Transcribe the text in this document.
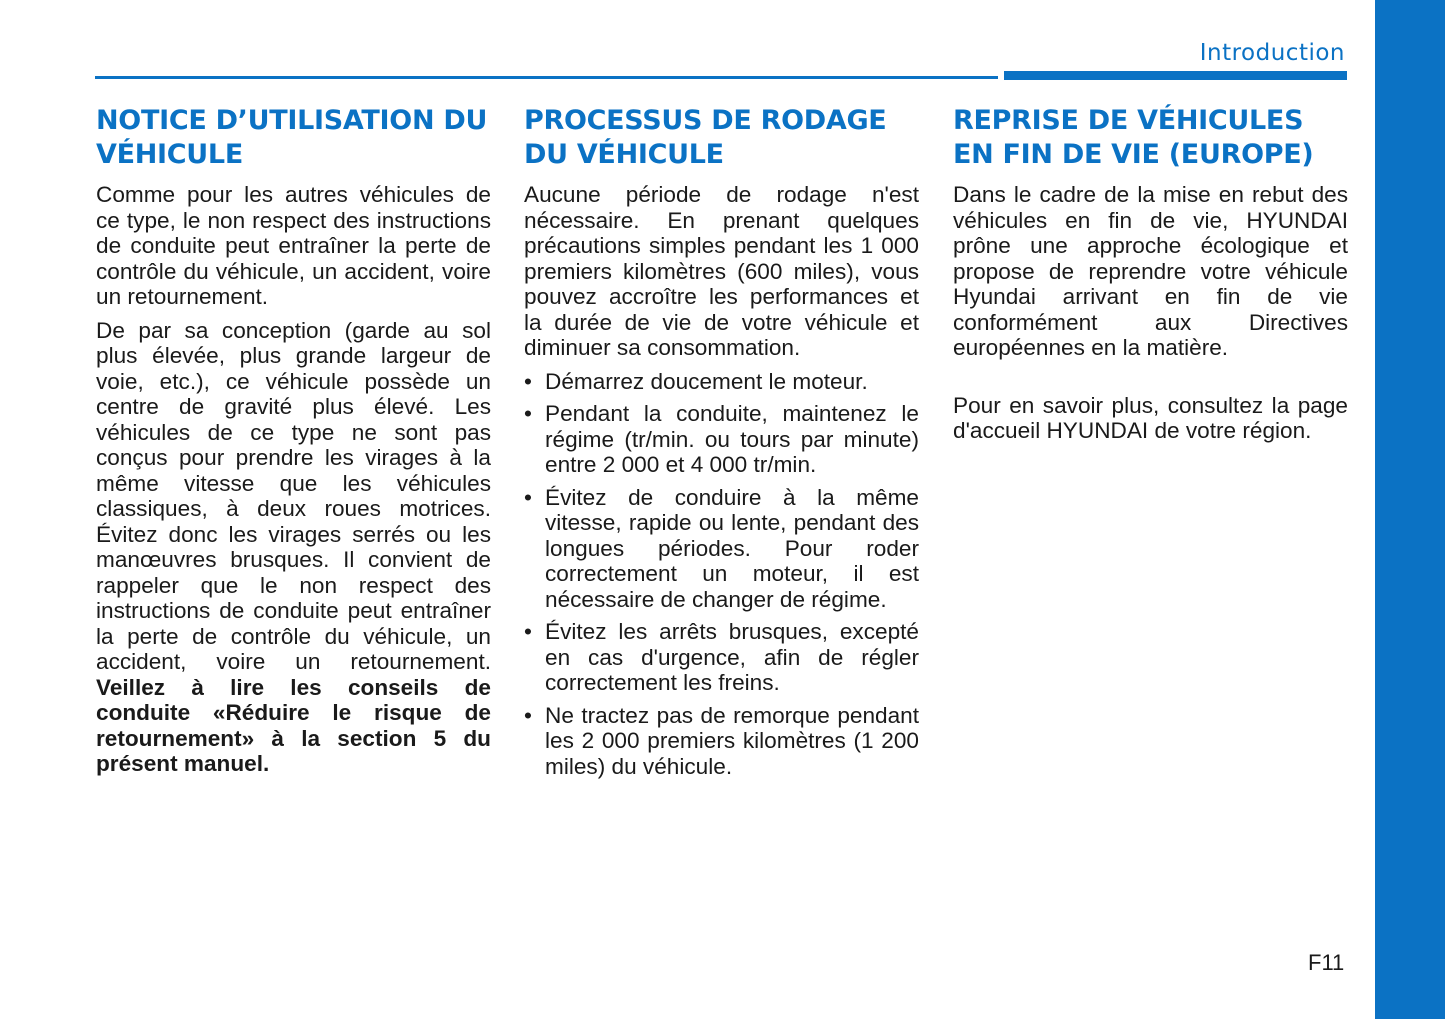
Introduction
NOTICE D’UTILISATION DU VÉHICULE

Comme pour les autres véhicules de ce type, le non respect des instructions de conduite peut entraîner la perte de contrôle du véhicule, un accident, voire un retournement.

De par sa conception (garde au sol plus élevée, plus grande largeur de voie, etc.), ce véhicule possède un centre de gravité plus élevé. Les véhicules de ce type ne sont pas conçus pour prendre les virages à la même vitesse que les véhicules classiques, à deux roues motrices. Évitez donc les virages serrés ou les manœuvres brusques. Il convient de rappeler que le non respect des instructions de conduite peut entraîner la perte de contrôle du véhicule, un accident, voire un retournement. Veillez à lire les conseils de conduite «Réduire le risque de retournement» à la section 5 du présent manuel.

PROCESSUS DE RODAGE DU VÉHICULE

Aucune période de rodage n'est nécessaire. En prenant quelques précautions simples pendant les 1 000 premiers kilomètres (600 miles), vous pouvez accroître les performances et la durée de vie de votre véhicule et diminuer sa consommation.

• Démarrez doucement le moteur.
• Pendant la conduite, maintenez le régime (tr/min. ou tours par minute) entre 2 000 et 4 000 tr/min.
• Évitez de conduire à la même vitesse, rapide ou lente, pendant des longues périodes. Pour roder correctement un moteur, il est nécessaire de changer de régime.
• Évitez les arrêts brusques, excepté en cas d'urgence, afin de régler correctement les freins.
• Ne tractez pas de remorque pendant les 2 000 premiers kilomètres (1 200 miles) du véhicule.
REPRISE DE VÉHICULES EN FIN DE VIE (EUROPE)

Dans le cadre de la mise en rebut des véhicules en fin de vie, HYUNDAI prône une approche écologique et propose de reprendre votre véhicule Hyundai arrivant en fin de vie conformément aux Directives européennes en la matière.

Pour en savoir plus, consultez la page d'accueil HYUNDAI de votre région.

F11
